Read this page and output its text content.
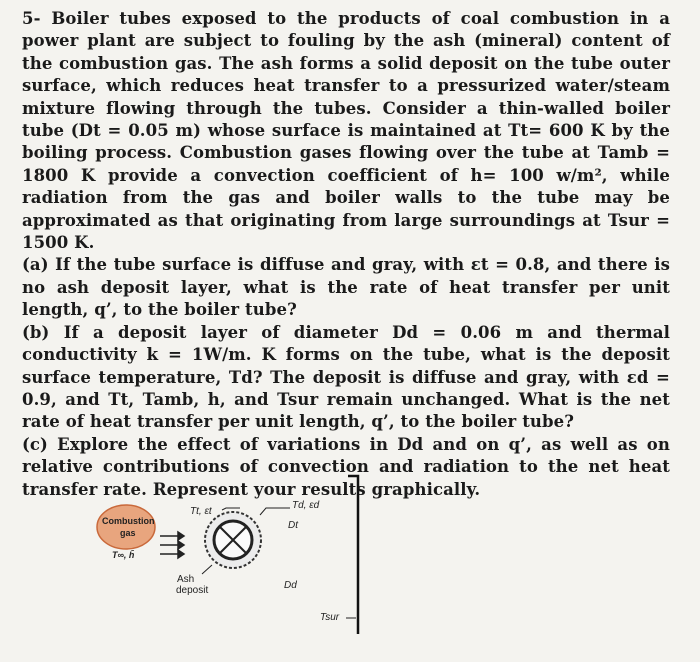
5- Boiler tubes exposed to the products of coal combustion in a power plant are subject to fouling by the ash (mineral) content of the combustion gas. The ash forms a solid deposit on the tube outer surface, which reduces heat transfer to a pressurized water/steam mixture flowing through the tubes. Consider a thin-walled boiler tube (Dt = 0.05 m) whose surface is maintained at Tt= 600 K by the boiling process. Combustion gases flowing over the tube at Tamb = 1800 K provide a convection coefficient of h= 100 w/m², while radiation from the gas and boiler walls to the tube may be approximated as that originating from large surroundings at Tsur = 1500 K.

(a) If the tube surface is diffuse and gray, with εt = 0.8, and there is no ash deposit layer, what is the rate of heat transfer per unit length, q’, to the boiler tube?

(b) If a deposit layer of diameter Dd = 0.06 m and thermal conductivity k = 1W/m. K forms on the tube, what is the deposit surface temperature, Td? The deposit is diffuse and gray, with εd = 0.9, and Tt, Tamb, h, and Tsur remain unchanged. What is the net rate of heat transfer per unit length, q’, to the boiler tube?

(c) Explore the effect of variations in Dd and on q’, as well as on relative contributions of convection and radiation to the net heat transfer rate. Represent your results graphically.

Combustion
gas
T∞, h̄
Tt, εt
Td, εd
Dt
Ash
deposit	Dd
Tsur
